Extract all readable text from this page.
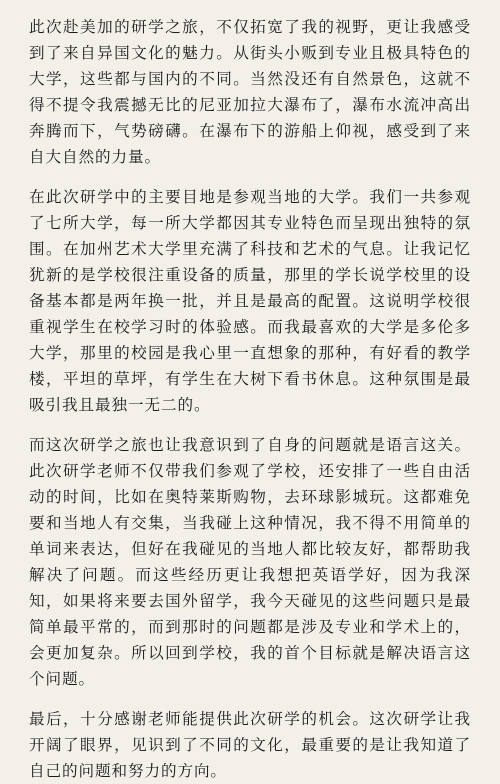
此次赴美加的研学之旅，不仅拓宽了我的视野，更让我感受到了来自异国文化的魅力。从街头小贩到专业且极具特色的大学，这些都与国内的不同。当然没还有自然景色，这就不得不提令我震撼无比的尼亚加拉大瀑布了，瀑布水流冲高出奔腾而下，气势磅礴。在瀑布下的游船上仰视，感受到了来自大自然的力量。

在此次研学中的主要目地是参观当地的大学。我们一共参观了七所大学，每一所大学都因其专业特色而呈现出独特的氛围。在加州艺术大学里充满了科技和艺术的气息。让我记忆犹新的是学校很注重设备的质量，那里的学长说学校里的设备基本都是两年换一批，并且是最高的配置。这说明学校很重视学生在校学习时的体验感。而我最喜欢的大学是多伦多大学，那里的校园是我心里一直想象的那种，有好看的教学楼，平坦的草坪，有学生在大树下看书休息。这种氛围是最吸引我且最独一无二的。

而这次研学之旅也让我意识到了自身的问题就是语言这关。此次研学老师不仅带我们参观了学校，还安排了一些自由活动的时间，比如在奥特莱斯购物，去环球影城玩。这都难免要和当地人有交集，当我碰上这种情况，我不得不用简单的单词来表达，但好在我碰见的当地人都比较友好，都帮助我解决了问题。而这些经历更让我想把英语学好，因为我深知，如果将来要去国外留学，我今天碰见的这些问题只是最简单最平常的，而到那时的问题都是涉及专业和学术上的，会更加复杂。所以回到学校，我的首个目标就是解决语言这个问题。

最后，十分感谢老师能提供此次研学的机会。这次研学让我开阔了眼界，见识到了不同的文化，最重要的是让我知道了自己的问题和努力的方向。
